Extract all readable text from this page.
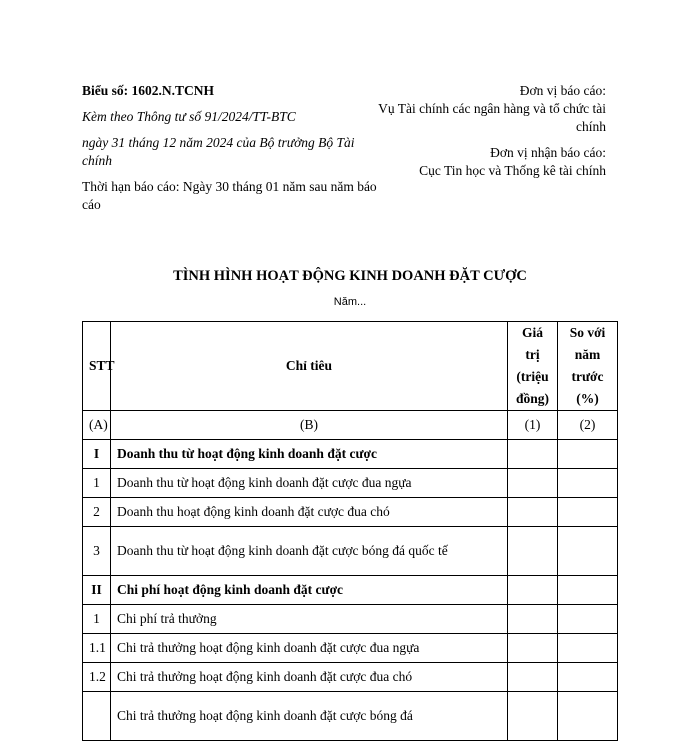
Biểu số: 1602.N.TCNH

Kèm theo Thông tư số 91/2024/TT-BTC

ngày 31 tháng 12 năm 2024 của Bộ trưởng Bộ Tài chính

Thời hạn báo cáo: Ngày 30 tháng 01 năm sau năm báo cáo

Đơn vị báo cáo:

Vụ Tài chính các ngân hàng và tổ chức tài chính

Đơn vị nhận báo cáo:

Cục Tin học và Thống kê tài chính

TÌNH HÌNH HOẠT ĐỘNG KINH DOANH ĐẶT CƯỢC
Năm...
STT	Chỉ tiêu	Giá trị (triệu đồng)	So với năm trước (%)
(A)	(B)	(1)	(2)
I	Doanh thu từ hoạt động kinh doanh đặt cược		
1	Doanh thu từ hoạt động kinh doanh đặt cược đua ngựa		
2	Doanh thu hoạt động kinh doanh đặt cược đua chó		
3	Doanh thu từ hoạt động kinh doanh đặt cược bóng đá quốc tế		
II	Chi phí hoạt động kinh doanh đặt cược		
1	Chi phí trả thưởng		
1.1	Chi trả thưởng hoạt động kinh doanh đặt cược đua ngựa		
1.2	Chi trả thưởng hoạt động kinh doanh đặt cược đua chó		
	Chi trả thưởng hoạt động kinh doanh đặt cược bóng đá		
